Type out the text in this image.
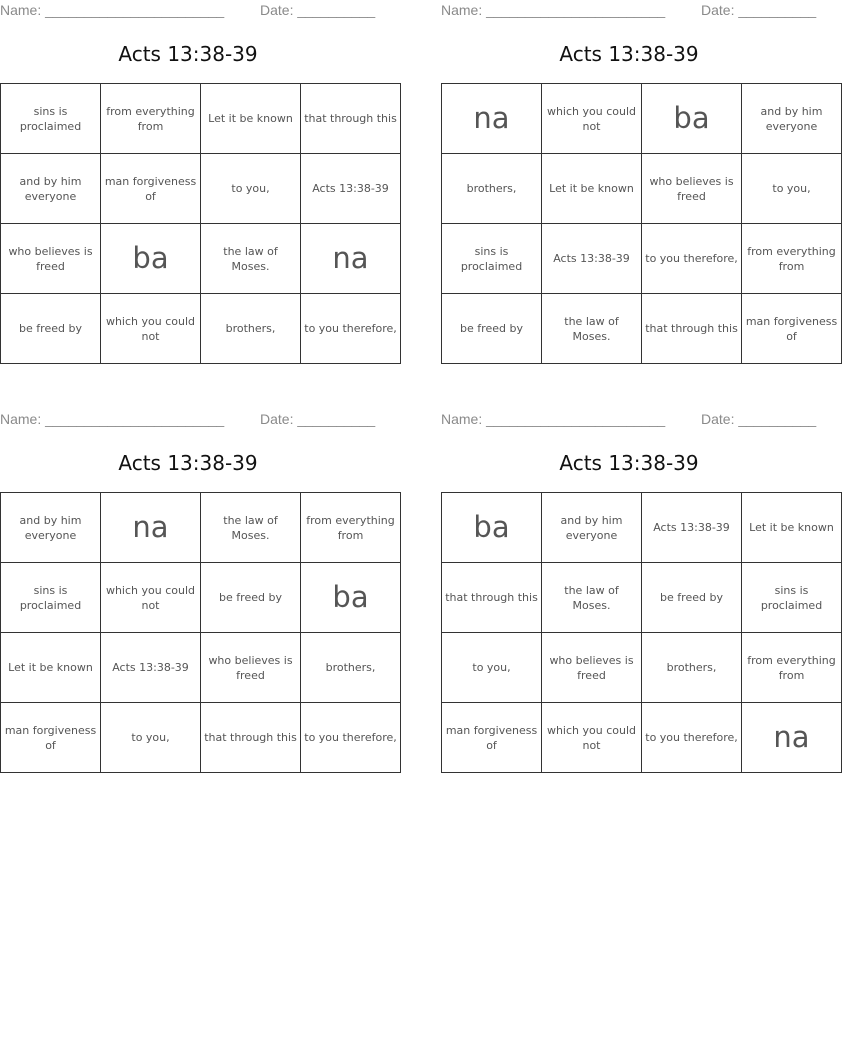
Name: _______________________	Date: __________
Acts 13:38-39
sins is proclaimed	from everything from	Let it be known	that through this
and by him everyone	man forgiveness of	to you,	Acts 13:38-39
who believes is freed	ba	the law of Moses.	na
be freed by	which you could not	brothers,	to you therefore,
Name: _______________________	Date: __________
Acts 13:38-39
na	which you could not	ba	and by him everyone
brothers,	Let it be known	who believes is freed	to you,
sins is proclaimed	Acts 13:38-39	to you therefore,	from everything from
be freed by	the law of Moses.	that through this	man forgiveness of
Name: _______________________	Date: __________
Acts 13:38-39
and by him everyone	na	the law of Moses.	from everything from
sins is proclaimed	which you could not	be freed by	ba
Let it be known	Acts 13:38-39	who believes is freed	brothers,
man forgiveness of	to you,	that through this	to you therefore,
Name: _______________________	Date: __________
Acts 13:38-39
ba	and by him everyone	Acts 13:38-39	Let it be known
that through this	the law of Moses.	be freed by	sins is proclaimed
to you,	who believes is freed	brothers,	from everything from
man forgiveness of	which you could not	to you therefore,	na
